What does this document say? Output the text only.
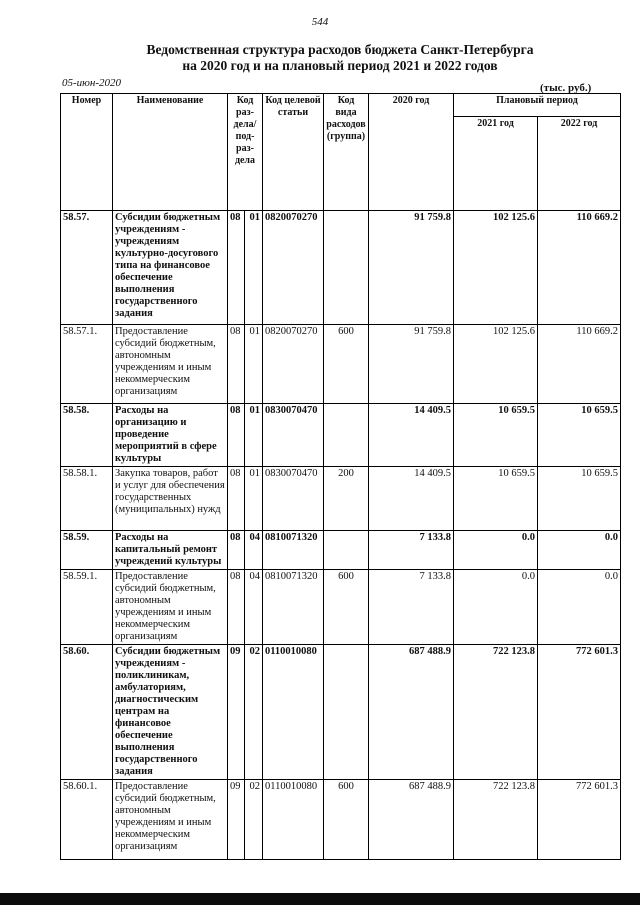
544
Ведомственная структура расходов бюджета Санкт-Петербурга
на 2020 год и на плановый период 2021 и 2022 годов
05-июн-2020	(тыс. руб.)
Номер	Наименование	Код раз-дела/ под-раз-дела		Код целевой статьи	Код вида расходов (группа)	2020 год	Плановый период	
							2021 год	2022 год
58.57.	Субсидии бюджетным учреждениям - учреждениям культурно-досугового типа на финансовое обеспечение выполнения государственного задания	08	01	0820070270		91 759.8	102 125.6	110 669.2
58.57.1.	Предоставление субсидий бюджетным, автономным учреждениям и иным некоммерческим организациям	08	01	0820070270	600	91 759.8	102 125.6	110 669.2
58.58.	Расходы на организацию и проведение мероприятий в сфере культуры	08	01	0830070470		14 409.5	10 659.5	10 659.5
58.58.1.	Закупка товаров, работ и услуг для обеспечения государственных (муниципальных) нужд	08	01	0830070470	200	14 409.5	10 659.5	10 659.5
58.59.	Расходы на капитальный ремонт учреждений культуры	08	04	0810071320		7 133.8	0.0	0.0
58.59.1.	Предоставление субсидий бюджетным, автономным учреждениям и иным некоммерческим организациям	08	04	0810071320	600	7 133.8	0.0	0.0
58.60.	Субсидии бюджетным учреждениям - поликлиникам, амбулаториям, диагностическим центрам на финансовое обеспечение выполнения государственного задания	09	02	0110010080		687 488.9	722 123.8	772 601.3
58.60.1.	Предоставление субсидий бюджетным, автономным учреждениям и иным некоммерческим организациям	09	02	0110010080	600	687 488.9	722 123.8	772 601.3
